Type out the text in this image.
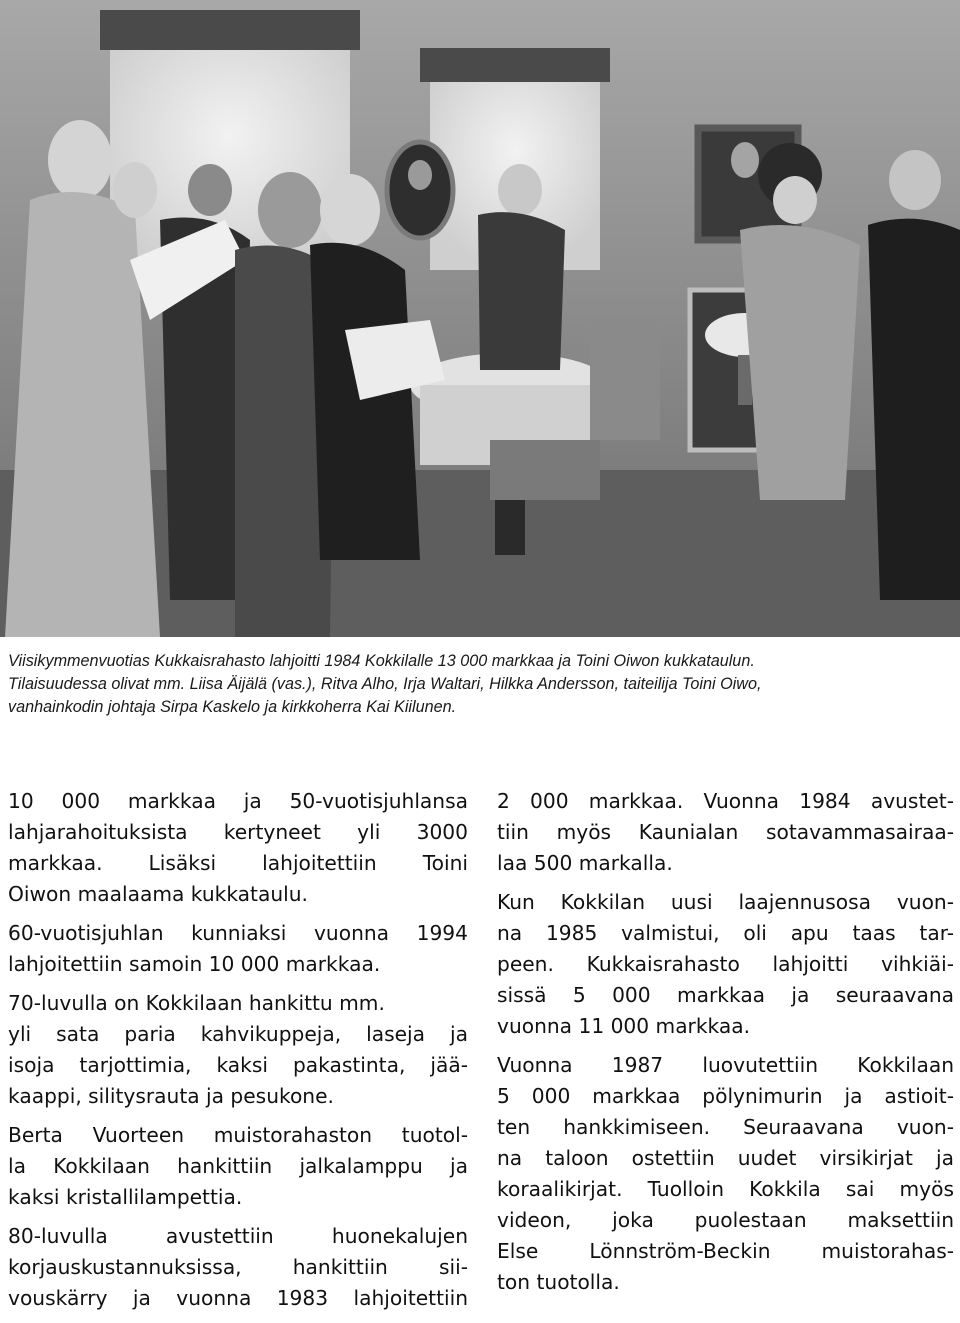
Viisikymmenvuotias Kukkaisrahasto lahjoitti 1984 Kokkilalle 13 000 markkaa ja Toini Oiwon kukkataulun.
Tilaisuudessa olivat mm. Liisa Äijälä (vas.), Ritva Alho, Irja Waltari, Hilkka Andersson, taiteilija Toini Oiwo,
vanhainkodin johtaja Sirpa Kaskelo ja kirkkoherra Kai Kiilunen.
10 000 markkaa ja 50-vuotisjuhlansa
lahjarahoituksista kertyneet yli 3000
markkaa. Lisäksi lahjoitettiin Toini
Oiwon maalaama kukkataulu.
60-vuotisjuhlan kunniaksi vuonna 1994
lahjoitettiin samoin 10 000 markkaa.
70-luvulla on Kokkilaan hankittu mm.
yli sata paria kahvikuppeja, laseja ja
isoja tarjottimia, kaksi pakastinta, jää-
kaappi, silitysrauta ja pesukone.
Berta Vuorteen muistorahaston tuotol-
la Kokkilaan hankittiin jalkalamppu ja
kaksi kristallilampettia.
80-luvulla avustettiin huonekalujen
korjauskustannuksissa, hankittiin sii-
vouskärry ja vuonna 1983 lahjoitettiin
2 000 markkaa. Vuonna 1984 avustet-
tiin myös Kaunialan sotavammasairaa-
laa 500 markalla.
Kun Kokkilan uusi laajennusosa vuon-
na 1985 valmistui, oli apu taas tar-
peen. Kukkaisrahasto lahjoitti vihkiäi-
sissä 5 000 markkaa ja seuraavana
vuonna 11 000 markkaa.
Vuonna 1987 luovutettiin Kokkilaan
5 000 markkaa pölynimurin ja astioit-
ten hankkimiseen. Seuraavana vuon-
na taloon ostettiin uudet virsikirjat ja
koraalikirjat. Tuolloin Kokkila sai myös
videon, joka puolestaan maksettiin
Else Lönnström-Beckin muistorahas-
ton tuotolla.
